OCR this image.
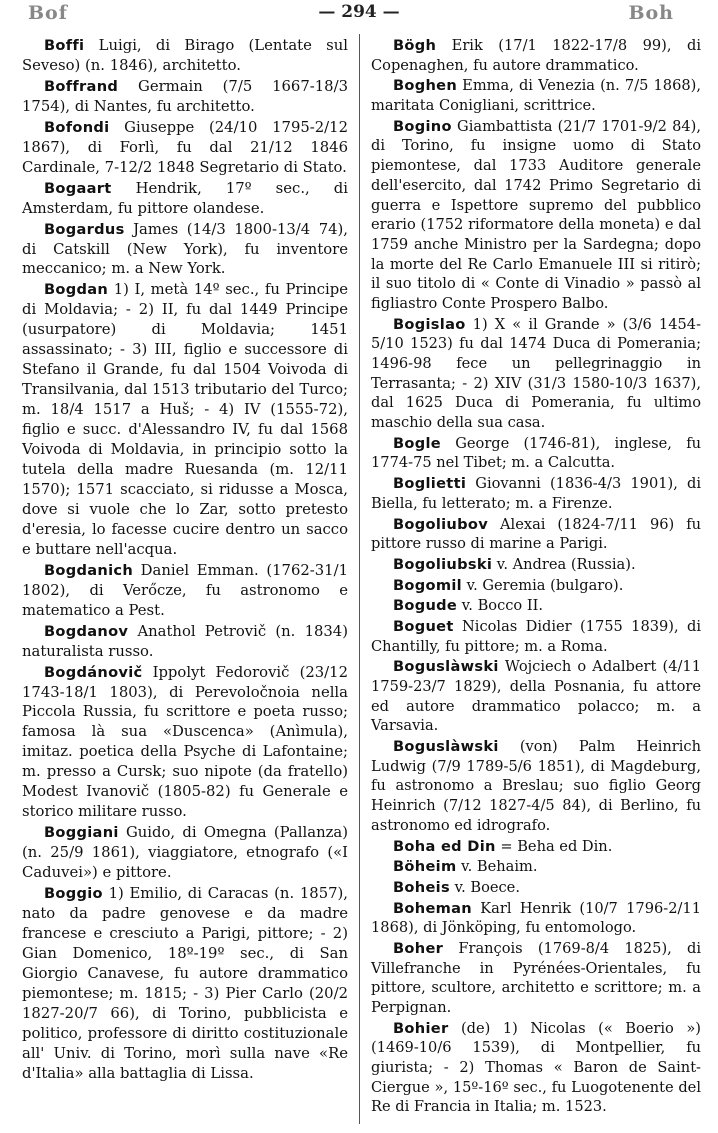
Bof	— 294 —	Boh

Boffi Luigi, di Birago (Lentate sul Seveso) (n. 1846), architetto.

Boffrand Germain (7/5 1667-18/3 1754), di Nantes, fu architetto.

Bofondi Giuseppe (24/10 1795-2/12 1867), di Forlì, fu dal 21/12 1846 Cardinale, 7-12/2 1848 Segretario di Stato.

Bogaart Hendrik, 17º sec., di Amsterdam, fu pittore olandese.

Bogardus James (14/3 1800-13/4 74), di Catskill (New York), fu inventore meccanico; m. a New York.

Bogdan 1) I, metà 14º sec., fu Principe di Moldavia; - 2) II, fu dal 1449 Principe (usurpatore) di Moldavia; 1451 assassinato; - 3) III, figlio e successore di Stefano il Grande, fu dal 1504 Voivoda di Transilvania, dal 1513 tributario del Turco; m. 18/4 1517 a Huš; - 4) IV (1555-72), figlio e succ. d'Alessandro IV, fu dal 1568 Voivoda di Moldavia, in principio sotto la tutela della madre Ruesanda (m. 12/11 1570); 1571 scacciato, si ridusse a Mosca, dove si vuole che lo Zar, sotto pretesto d'eresia, lo facesse cucire dentro un sacco e buttare nell'acqua.

Bogdanich Daniel Emman. (1762-31/1 1802), di Verőcze, fu astronomo e matematico a Pest.

Bogdanov Anathol Petrovič (n. 1834) naturalista russo.

Bogdánovič Ippolyt Fedorovič (23/12 1743-18/1 1803), di Perevoločnoia nella Piccola Russia, fu scrittore e poeta russo; famosa là sua «Duscenca» (Anìmula), imitaz. poetica della Psyche di Lafontaine; m. presso a Cursk; suo nipote (da fratello) Modest Ivanovič (1805-82) fu Generale e storico militare russo.

Boggiani Guido, di Omegna (Pallanza) (n. 25/9 1861), viaggiatore, etnografo («I Caduvei») e pittore.

Boggio 1) Emilio, di Caracas (n. 1857), nato da padre genovese e da madre francese e cresciuto a Parigi, pittore; - 2) Gian Domenico, 18º-19º sec., di San Giorgio Canavese, fu autore drammatico piemontese; m. 1815; - 3) Pier Carlo (20/2 1827-20/7 66), di Torino, pubblicista e politico, professore di diritto costituzionale all' Univ. di Torino, morì sulla nave «Re d'Italia» alla battaglia di Lissa.

Bögh Erik (17/1 1822-17/8 99), di Copenaghen, fu autore drammatico.

Boghen Emma, di Venezia (n. 7/5 1868), maritata Conigliani, scrittrice.

Bogino Giambattista (21/7 1701-9/2 84), di Torino, fu insigne uomo di Stato piemontese, dal 1733 Auditore generale dell'esercito, dal 1742 Primo Segretario di guerra e Ispettore supremo del pubblico erario (1752 riformatore della moneta) e dal 1759 anche Ministro per la Sardegna; dopo la morte del Re Carlo Emanuele III si ritirò; il suo titolo di « Conte di Vinadio » passò al figliastro Conte Prospero Balbo.

Bogislao 1) X « il Grande » (3/6 1454-5/10 1523) fu dal 1474 Duca di Pomerania; 1496-98 fece un pellegrinaggio in Terrasanta; - 2) XIV (31/3 1580-10/3 1637), dal 1625 Duca di Pomerania, fu ultimo maschio della sua casa.

Bogle George (1746-81), inglese, fu 1774-75 nel Tibet; m. a Calcutta.

Boglietti Giovanni (1836-4/3 1901), di Biella, fu letterato; m. a Firenze.

Bogoliubov Alexai (1824-7/11 96) fu pittore russo di marine a Parigi.

Bogoliubski v. Andrea (Russia).

Bogomil v. Geremia (bulgaro).

Bogude v. Bocco II.

Boguet Nicolas Didier (1755 1839), di Chantilly, fu pittore; m. a Roma.

Boguslàwski Wojciech o Adalbert (4/11 1759-23/7 1829), della Posnania, fu attore ed autore drammatico polacco; m. a Varsavia.

Boguslàwski (von) Palm Heinrich Ludwig (7/9 1789-5/6 1851), di Magdeburg, fu astronomo a Breslau; suo figlio Georg Heinrich (7/12 1827-4/5 84), di Berlino, fu astronomo ed idrografo.

Boha ed Din = Beha ed Din.

Böheim v. Behaim.

Boheis v. Boece.

Boheman Karl Henrik (10/7 1796-2/11 1868), di Jönköping, fu entomologo.

Boher François (1769-8/4 1825), di Villefranche in Pyrénées-Orientales, fu pittore, scultore, architetto e scrittore; m. a Perpignan.

Bohier (de) 1) Nicolas (« Boerio ») (1469-10/6 1539), di Montpellier, fu giurista; - 2) Thomas « Baron de Saint-Ciergue », 15º-16º sec., fu Luogotenente del Re di Francia in Italia; m. 1523.
